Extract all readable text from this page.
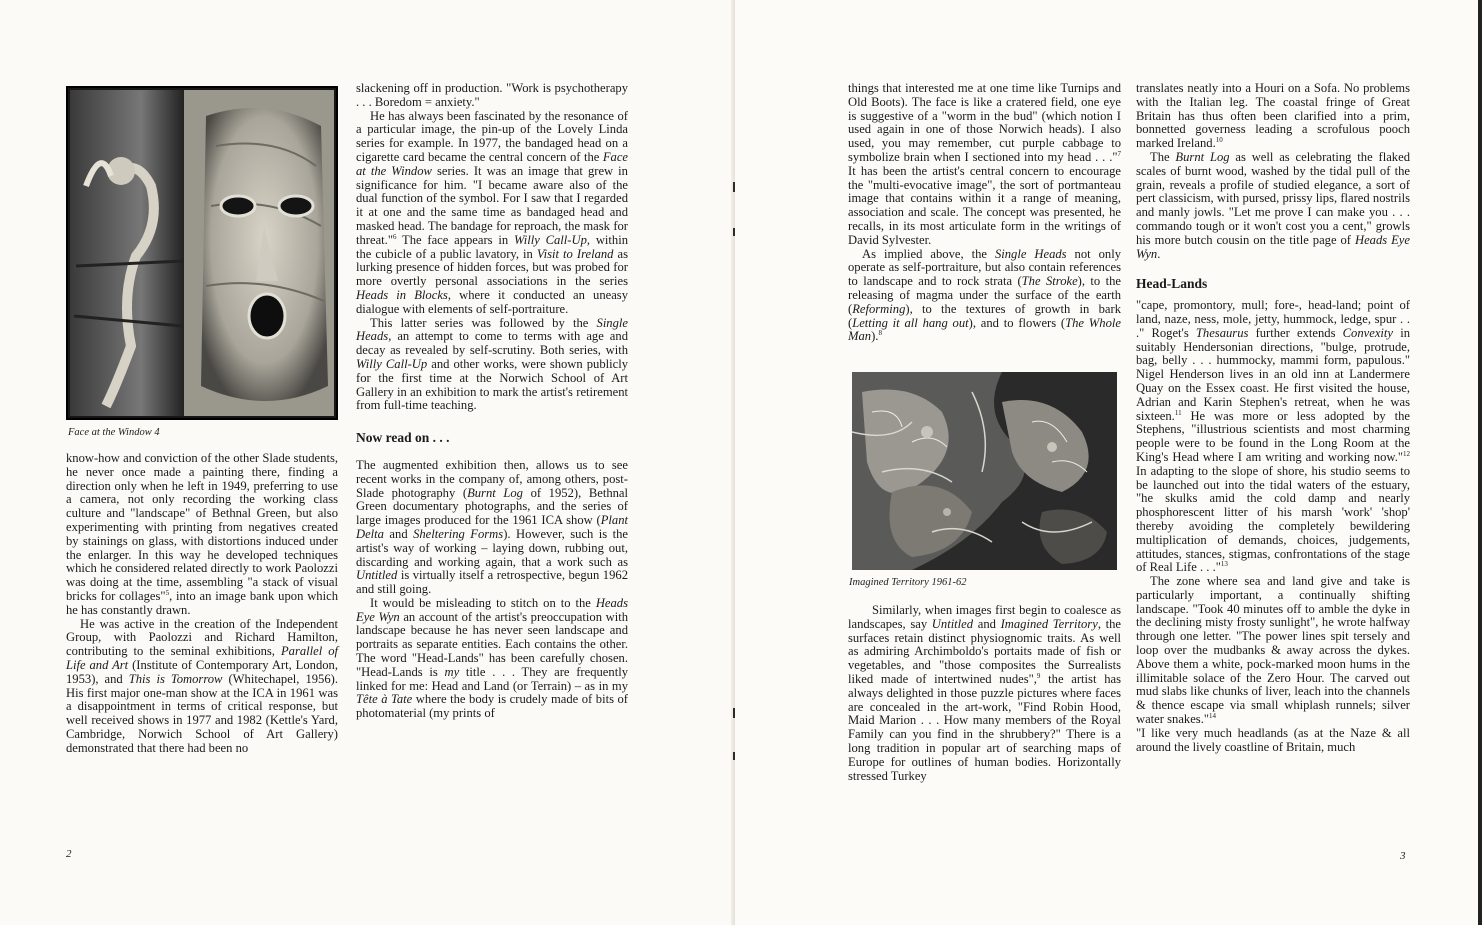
Face at the Window 4

know-how and conviction of the other Slade students, he never once made a painting there, finding a direction only when he left in 1949, preferring to use a camera, not only recording the working class culture and "landscape" of Bethnal Green, but also experimenting with printing from negatives created by stainings on glass, with distortions induced under the enlarger. In this way he developed techniques which he considered related directly to work Paolozzi was doing at the time, assembling "a stack of visual bricks for collages"$^5$, into an image bank upon which he has constantly drawn.

He was active in the creation of the Independent Group, with Paolozzi and Richard Hamilton, contributing to the seminal exhibitions, Parallel of Life and Art (Institute of Contemporary Art, London, 1953), and This is Tomorrow (Whitechapel, 1956). His first major one-man show at the ICA in 1961 was a disappointment in terms of critical response, but well received shows in 1977 and 1982 (Kettle's Yard, Cambridge, Norwich School of Art Gallery) demonstrated that there had been no

slackening off in production. "Work is psychotherapy . . . Boredom = anxiety."

He has always been fascinated by the resonance of a particular image, the pin-up of the Lovely Linda series for example. In 1977, the bandaged head on a cigarette card became the central concern of the Face at the Window series. It was an image that grew in significance for him. "I became aware also of the dual function of the symbol. For I saw that I regarded it at one and the same time as bandaged head and masked head. The bandage for reproach, the mask for threat."$^6$ The face appears in Willy Call-Up, within the cubicle of a public lavatory, in Visit to Ireland as lurking presence of hidden forces, but was probed for more overtly personal associations in the series Heads in Blocks, where it conducted an uneasy dialogue with elements of self-portraiture.

This latter series was followed by the Single Heads, an attempt to come to terms with age and decay as revealed by self-scrutiny. Both series, with Willy Call-Up and other works, were shown publicly for the first time at the Norwich School of Art Gallery in an exhibition to mark the artist's retirement from full-time teaching.

Now read on . . .

The augmented exhibition then, allows us to see recent works in the company of, among others, post-Slade photography (Burnt Log of 1952), Bethnal Green documentary photographs, and the series of large images produced for the 1961 ICA show (Plant Delta and Sheltering Forms). However, such is the artist's way of working – laying down, rubbing out, discarding and working again, that a work such as Untitled is virtually itself a retrospective, begun 1962 and still going.

It would be misleading to stitch on to the Heads Eye Wyn an account of the artist's preoccupation with landscape because he has never seen landscape and portraits as separate entities. Each contains the other. The word "Head-Lands" has been carefully chosen. "Head-Lands is my title . . . They are frequently linked for me: Head and Land (or Terrain) – as in my Tête à Tate where the body is crudely made of bits of photomaterial (my prints of

2

things that interested me at one time like Turnips and Old Boots). The face is like a cratered field, one eye is suggestive of a "worm in the bud" (which notion I used again in one of those Norwich heads). I also used, you may remember, cut purple cabbage to symbolize brain when I sectioned into my head . . ."$^7$ It has been the artist's central concern to encourage the "multi-evocative image", the sort of portmanteau image that contains within it a range of meaning, association and scale. The concept was presented, he recalls, in its most articulate form in the writings of David Sylvester.

As implied above, the Single Heads not only operate as self-portraiture, but also contain references to landscape and to rock strata (The Stroke), to the releasing of magma under the surface of the earth (Reforming), to the textures of growth in bark (Letting it all hang out), and to flowers (The Whole Man).$^8$

Imagined Territory 1961-62

Similarly, when images first begin to coalesce as landscapes, say Untitled and Imagined Territory, the surfaces retain distinct physiognomic traits. As well as admiring Archimboldo's portaits made of fish or vegetables, and "those composites the Surrealists liked made of intertwined nudes",$^9$ the artist has always delighted in those puzzle pictures where faces are concealed in the art-work, "Find Robin Hood, Maid Marion . . . How many members of the Royal Family can you find in the shrubbery?" There is a long tradition in popular art of searching maps of Europe for outlines of human bodies. Horizontally stressed Turkey

translates neatly into a Houri on a Sofa. No problems with the Italian leg. The coastal fringe of Great Britain has thus often been clarified into a prim, bonnetted governess leading a scrofulous pooch marked Ireland.$^{10}$

The Burnt Log as well as celebrating the flaked scales of burnt wood, washed by the tidal pull of the grain, reveals a profile of studied elegance, a sort of pert classicism, with pursed, prissy lips, flared nostrils and manly jowls. "Let me prove I can make you . . . commando tough or it won't cost you a cent," growls his more butch cousin on the title page of Heads Eye Wyn.

Head-Lands

"cape, promontory, mull; fore-, head-land; point of land, naze, ness, mole, jetty, hummock, ledge, spur . . ." Roget's Thesaurus further extends Convexity in suitably Hendersonian directions, "bulge, protrude, bag, belly . . . hummocky, mammi form, papulous." Nigel Henderson lives in an old inn at Landermere Quay on the Essex coast. He first visited the house, Adrian and Karin Stephen's retreat, when he was sixteen.$^{11}$ He was more or less adopted by the Stephens, "illustrious scientists and most charming people were to be found in the Long Room at the King's Head where I am writing and working now."$^{12}$ In adapting to the slope of shore, his studio seems to be launched out into the tidal waters of the estuary, "he skulks amid the cold damp and nearly phosphorescent litter of his marsh 'work' 'shop' thereby avoiding the completely bewildering multiplication of demands, choices, judgements, attitudes, stances, stigmas, confrontations of the stage of Real Life . . ."$^{13}$

The zone where sea and land give and take is particularly important, a continually shifting landscape. "Took 40 minutes off to amble the dyke in the declining misty frosty sunlight", he wrote halfway through one letter. "The power lines spit tersely and loop over the mudbanks & away across the dykes. Above them a white, pock-marked moon hums in the illimitable solace of the Zero Hour. The carved out mud slabs like chunks of liver, leach into the channels & thence escape via small whiplash runnels; silver water snakes."$^{14}$

"I like very much headlands (as at the Naze & all around the lively coastline of Britain, much

3
